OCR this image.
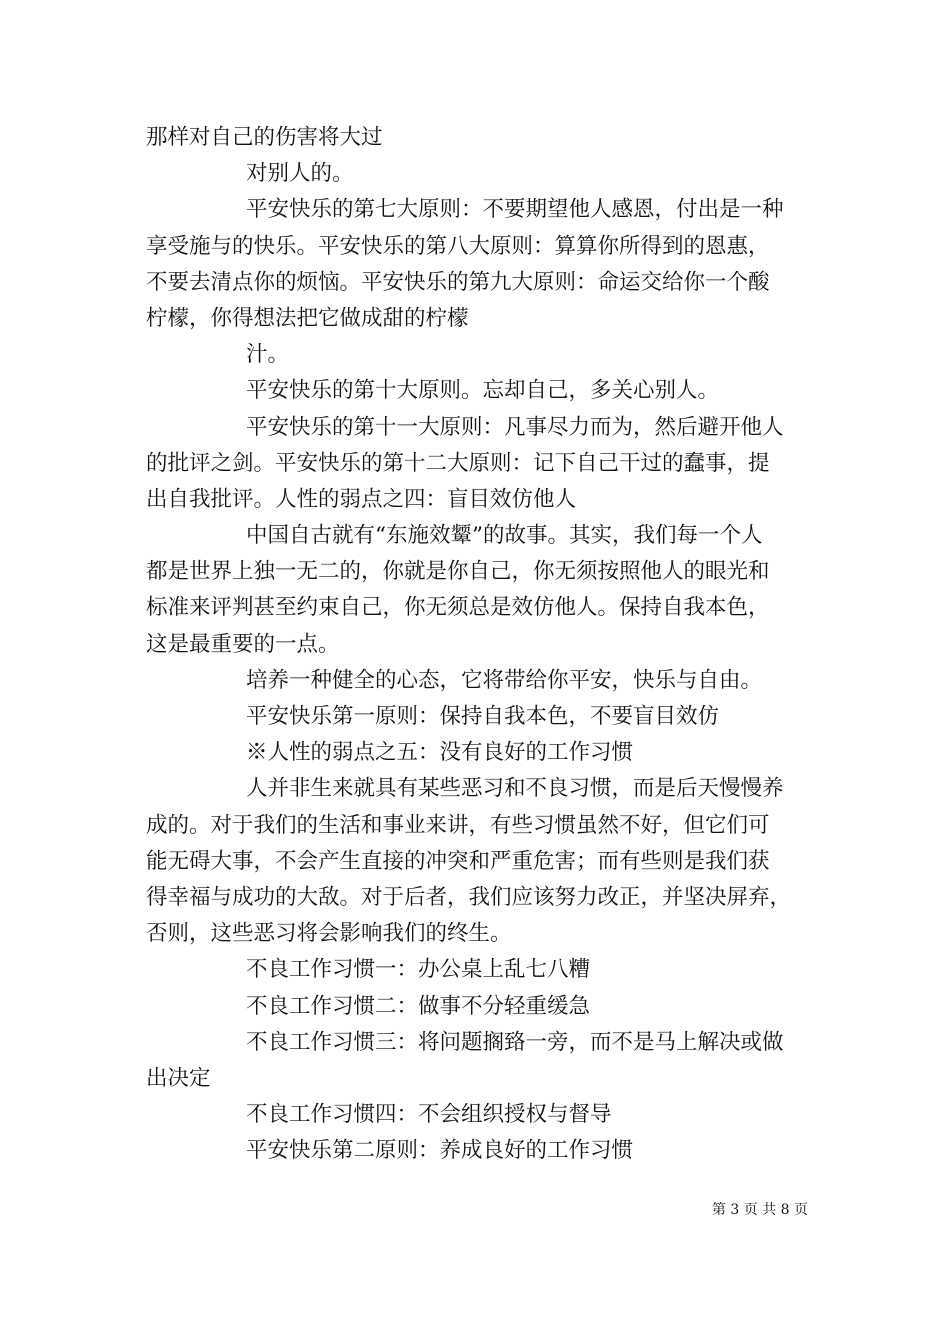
那样对自己的伤害将大过
对别人的。
平安快乐的第七大原则：不要期望他人感恩，付出是一种
享受施与的快乐。平安快乐的第八大原则：算算你所得到的恩惠，
不要去清点你的烦恼。平安快乐的第九大原则：命运交给你一个酸
柠檬，你得想法把它做成甜的柠檬
汁。
平安快乐的第十大原则。忘却自己，多关心别人。
平安快乐的第十一大原则：凡事尽力而为，然后避开他人
的批评之剑。平安快乐的第十二大原则：记下自己干过的蠢事，提
出自我批评。人性的弱点之四：盲目效仿他人
中国自古就有“东施效颦”的故事。其实，我们每一个人
都是世界上独一无二的，你就是你自己，你无须按照他人的眼光和
标准来评判甚至约束自己，你无须总是效仿他人。保持自我本色，
这是最重要的一点。
培养一种健全的心态，它将带给你平安，快乐与自由。
平安快乐第一原则：保持自我本色，不要盲目效仿
※人性的弱点之五：没有良好的工作习惯
人并非生来就具有某些恶习和不良习惯，而是后天慢慢养
成的。对于我们的生活和事业来讲，有些习惯虽然不好，但它们可
能无碍大事，不会产生直接的冲突和严重危害；而有些则是我们获
得幸福与成功的大敌。对于后者，我们应该努力改正，并坚决屏弃，
否则，这些恶习将会影响我们的终生。
不良工作习惯一：办公桌上乱七八糟
不良工作习惯二：做事不分轻重缓急
不良工作习惯三：将问题搁臵一旁，而不是马上解决或做
出决定
不良工作习惯四：不会组织授权与督导
平安快乐第二原则：养成良好的工作习惯
第 3 页 共 8 页
